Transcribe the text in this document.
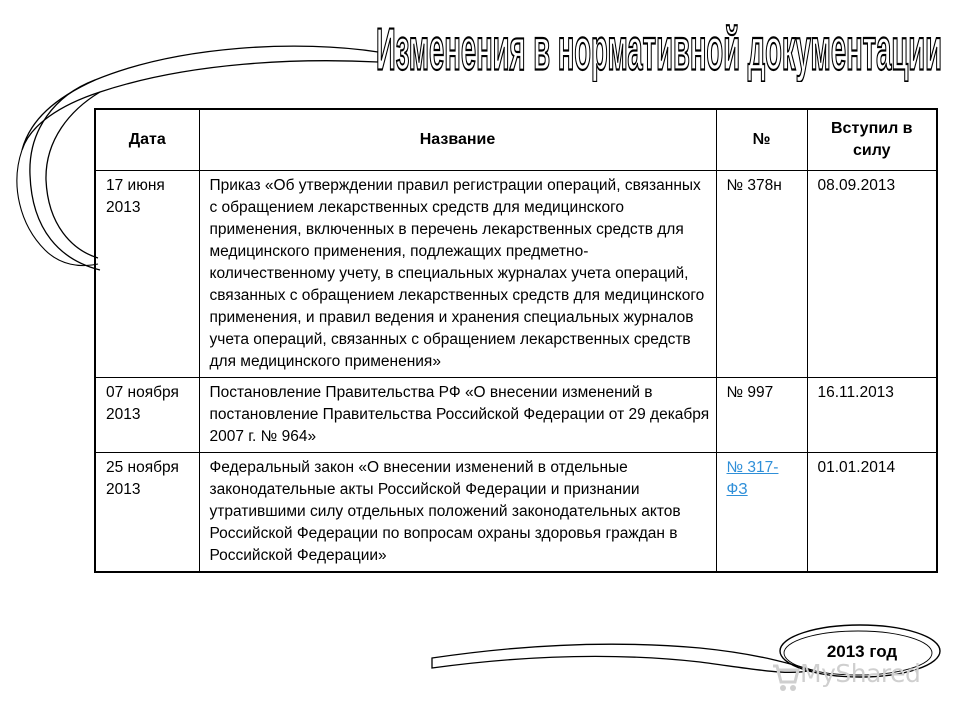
Изменения в нормативной документации
Дата	Название	№	Вступил в силу
17 июня 2013	Приказ «Об утверждении правил регистрации операций, связанных с обращением лекарственных средств для медицинского применения, включенных в перечень лекарственных средств для медицинского применения, подлежащих предметно-количественному учету, в специальных журналах учета операций, связанных с обращением лекарственных средств для медицинского применения, и правил ведения и хранения специальных журналов учета операций, связанных с обращением лекарственных средств для медицинского применения»	№ 378н	08.09.2013
07 ноября 2013	Постановление Правительства РФ «О внесении изменений в постановление Правительства Российской Федерации от 29 декабря 2007 г. № 964»	№ 997	16.11.2013
25 ноября 2013	Федеральный закон «О внесении изменений в отдельные законодательные акты Российской Федерации и признании утратившими силу отдельных положений законодательных актов Российской Федерации по вопросам охраны здоровья граждан в Российской Федерации»	№ 317-ФЗ	01.01.2014
2013 год
MyShared
